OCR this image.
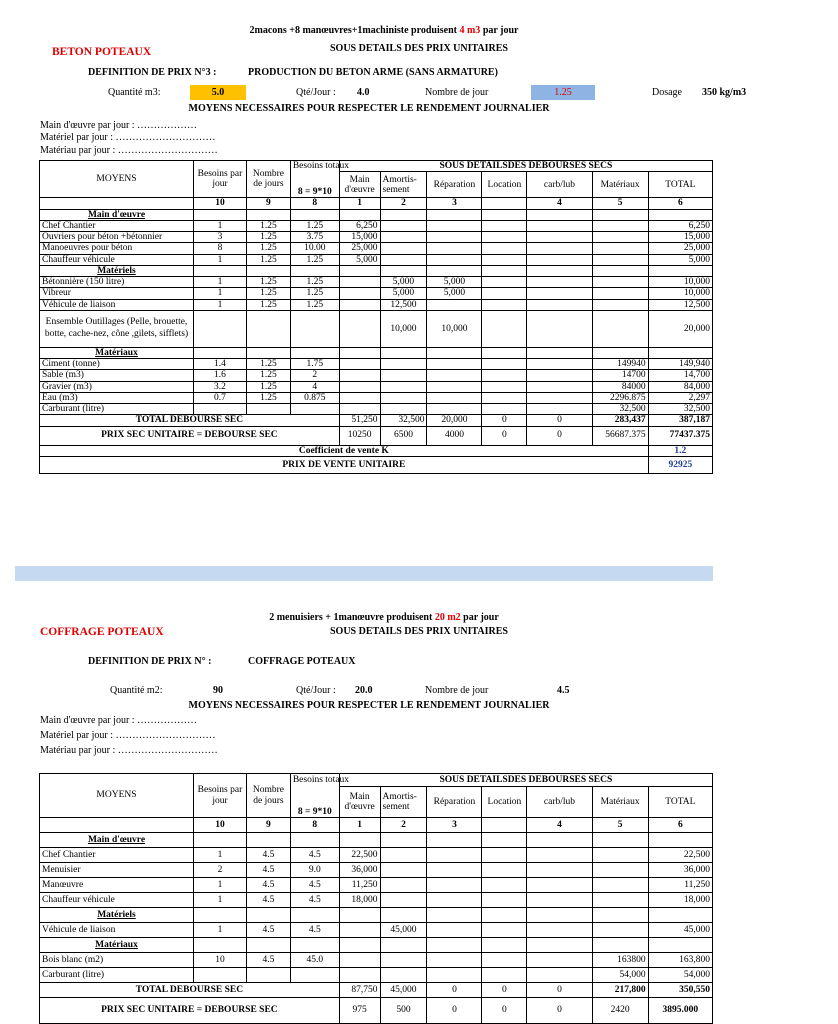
2macons +8 manœuvres+1machiniste produisent 4 m3 par jour
BETON POTEAUX	SOUS DETAILS DES PRIX UNITAIRES
DEFINITION DE PRIX N°3 :	PRODUCTION DU BETON ARME (SANS ARMATURE)
Quantité m3:	5.0	Qté/Jour : 4.0	Nombre de jour	1.25	Dosage 350 kg/m3
MOYENS NECESSAIRES POUR RESPECTER LE RENDEMENT JOURNALIER
Main d'œuvre par jour : ………………
Matériel par jour : …………………………
Matériau par jour : …………………………
MOYENS	Besoins par jour	Nombre de jours	Besoins totaux	SOUS DETAILSDES DEBOURSES SECS						
			8 = 9*10	Main d'œuvre	Amortis-sement	Réparation	Location	carb/lub	Matériaux	TOTAL
	10	9	8	1	2	3		4	5	6
Main d'œuvre										
Chef Chantier	1	1.25	1.25	6,250						6,250
Ouvriers pour béton +bétonnier	3	1.25	3.75	15,000						15,000
Manoeuvres pour béton	8	1.25	10.00	25,000						25,000
Chauffeur véhicule	1	1.25	1.25	5,000						5,000
Matériels										
Bétonnière (150 litre)	1	1.25	1.25		5,000	5,000				10,000
Vibreur	1	1.25	1.25		5,000	5,000				10,000
Véhicule de liaison	1	1.25	1.25		12,500					12,500
Ensemble Outillages (Pelle, brouette, botte, cache-nez, cône ,gilets, sifflets)					10,000	10,000				20,000
Matériaux										
Ciment (tonne)	1.4	1.25	1.75						149940	149,940
Sable (m3)	1.6	1.25	2						14700	14,700
Gravier (m3)	3.2	1.25	4						84000	84,000
Eau (m3)	0.7	1.25	0.875						2296.875	2,297
Carburant (litre)									32,500	32,500
TOTAL DEBOURSE SEC				51,250	32,500	20,000	0	0	283,437	387,187
PRIX SEC UNITAIRE = DEBOURSE SEC				10250	6500	4000	0	0	56687.375	77437.375
Coefficient de vente K										1.2
PRIX DE VENTE UNITAIRE										92925
2 menuisiers + 1manœuvre produisent 20 m2 par jour
COFFRAGE POTEAUX	SOUS DETAILS DES PRIX UNITAIRES
DEFINITION DE PRIX N° :	COFFRAGE POTEAUX
Quantité m2:	90	Qté/Jour : 20.0	Nombre de jour	4.5
MOYENS NECESSAIRES POUR RESPECTER LE RENDEMENT JOURNALIER
Main d'œuvre par jour : ………………
Matériel par jour : …………………………
Matériau par jour : …………………………
MOYENS	Besoins par jour	Nombre de jours	Besoins totaux	SOUS DETAILSDES DEBOURSES SECS						
			8 = 9*10	Main d'œuvre	Amortis-sement	Réparation	Location	carb/lub	Matériaux	TOTAL
	10	9	8	1	2	3		4	5	6
Main d'œuvre										
Chef Chantier	1	4.5	4.5	22,500						22,500
Menuisier	2	4.5	9.0	36,000						36,000
Manœuvre	1	4.5	4.5	11,250						11,250
Chauffeur véhicule	1	4.5	4.5	18,000						18,000
Matériels										
Véhicule de liaison	1	4.5	4.5		45,000					45,000
Matériaux										
Bois blanc (m2)	10	4.5	45.0						163800	163,800
Carburant (litre)									54,000	54,000
TOTAL DEBOURSE SEC				87,750	45,000	0	0	0	217,800	350,550
PRIX SEC UNITAIRE = DEBOURSE SEC				975	500	0	0	0	2420	3895.000
